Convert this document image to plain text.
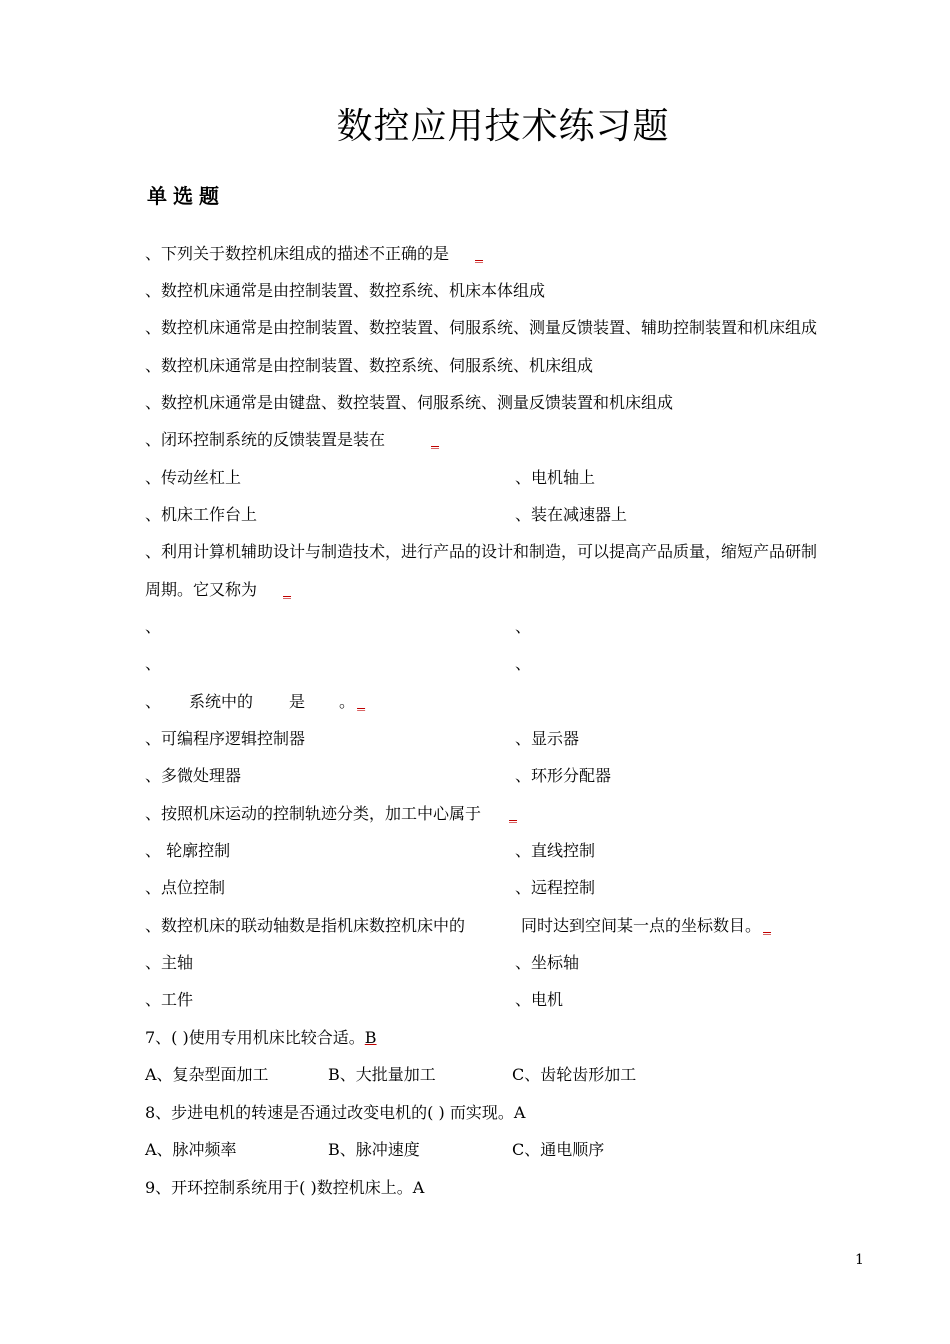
数控应用技术练习题
单选题
、下列关于数控机床组成的描述不正确的是 _
、数控机床通常是由控制装置、数控系统、机床本体组成
、数控机床通常是由控制装置、数控装置、伺服系统、测量反馈装置、辅助控制装置和机床组成
、数控机床通常是由控制装置、数控系统、伺服系统、机床组成
、数控机床通常是由键盘、数控装置、伺服系统、测量反馈装置和机床组成
、闭环控制系统的反馈装置是装在	_
、传动丝杠上	、电机轴上
、机床工作台上	、装在减速器上
、利用计算机辅助设计与制造技术，进行产品的设计和制造，可以提高产品质量，缩短产品研制
周期。它又称为 _
、	、
、	、
、 系统中的 是 。 _
、可编程序逻辑控制器	、显示器
、多微处理器	、环形分配器
、按照机床运动的控制轨迹分类，加工中心属于 _
、 轮廓控制	、直线控制
、点位控制	、远程控制
、数控机床的联动轴数是指机床数控机床中的	同时达到空间某一点的坐标数目。 _
、主轴	、坐标轴
、工件	、电机
7、( )使用专用机床比较合适。B
A、复杂型面加工	B、大批量加工	C、齿轮齿形加工
8、步进电机的转速是否通过改变电机的( ) 而实现。A
A、脉冲频率	B、脉冲速度	C、通电顺序
9、开环控制系统用于( )数控机床上。A
1
